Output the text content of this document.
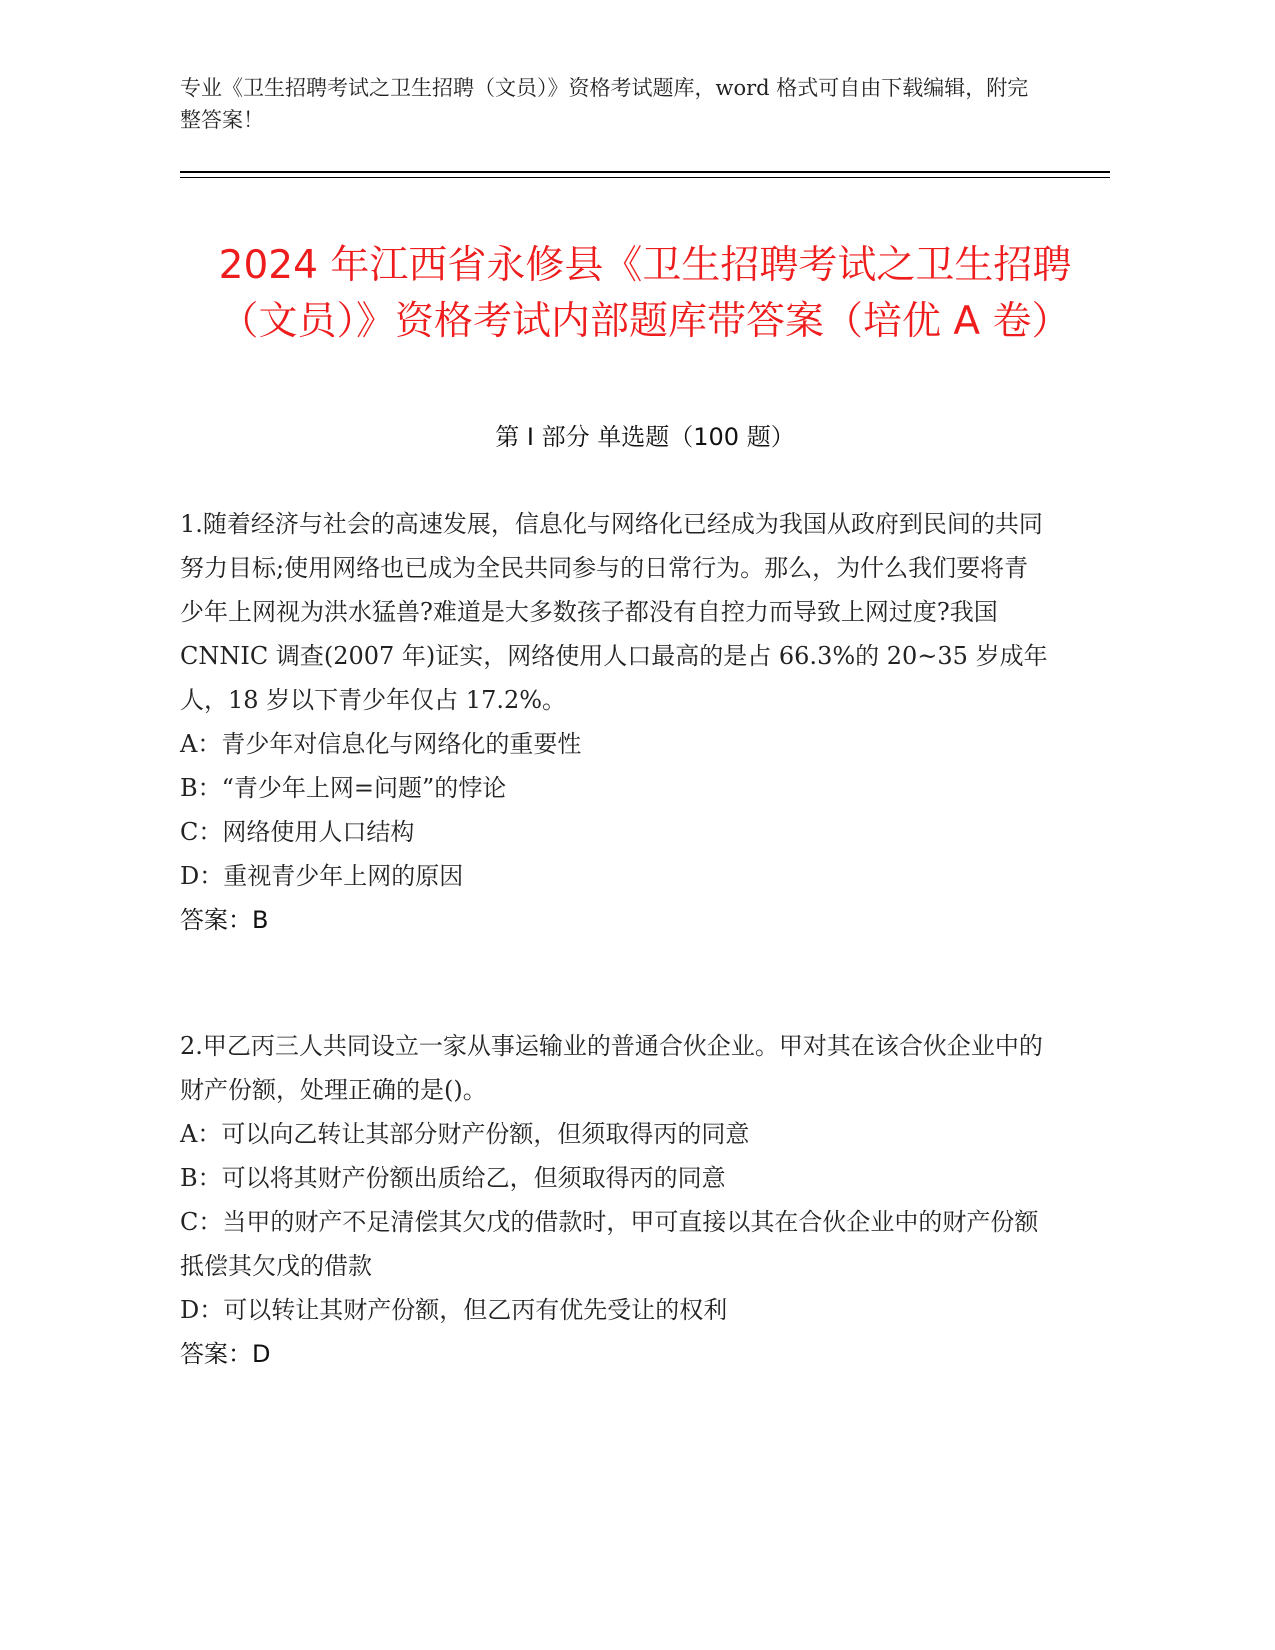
专业《卫生招聘考试之卫生招聘（文员）》资格考试题库，word 格式可自由下载编辑，附完整答案！
2024 年江西省永修县《卫生招聘考试之卫生招聘（文员）》资格考试内部题库带答案（培优 A 卷）
第 I 部分 单选题（100 题）

1.随着经济与社会的高速发展，信息化与网络化已经成为我国从政府到民间的共同努力目标;使用网络也已成为全民共同参与的日常行为。那么，为什么我们要将青少年上网视为洪水猛兽?难道是大多数孩子都没有自控力而导致上网过度?我国 CNNIC 调查(2007 年)证实，网络使用人口最高的是占 66.3%的 20~35 岁成年人，18 岁以下青少年仅占 17.2%。

A：青少年对信息化与网络化的重要性

B：“青少年上网=问题”的悖论

C：网络使用人口结构

D：重视青少年上网的原因

答案：B

2.甲乙丙三人共同设立一家从事运输业的普通合伙企业。甲对其在该合伙企业中的财产份额，处理正确的是()。

A：可以向乙转让其部分财产份额，但须取得丙的同意

B：可以将其财产份额出质给乙，但须取得丙的同意

C：当甲的财产不足清偿其欠戊的借款时，甲可直接以其在合伙企业中的财产份额抵偿其欠戊的借款

D：可以转让其财产份额，但乙丙有优先受让的权利

答案：D
